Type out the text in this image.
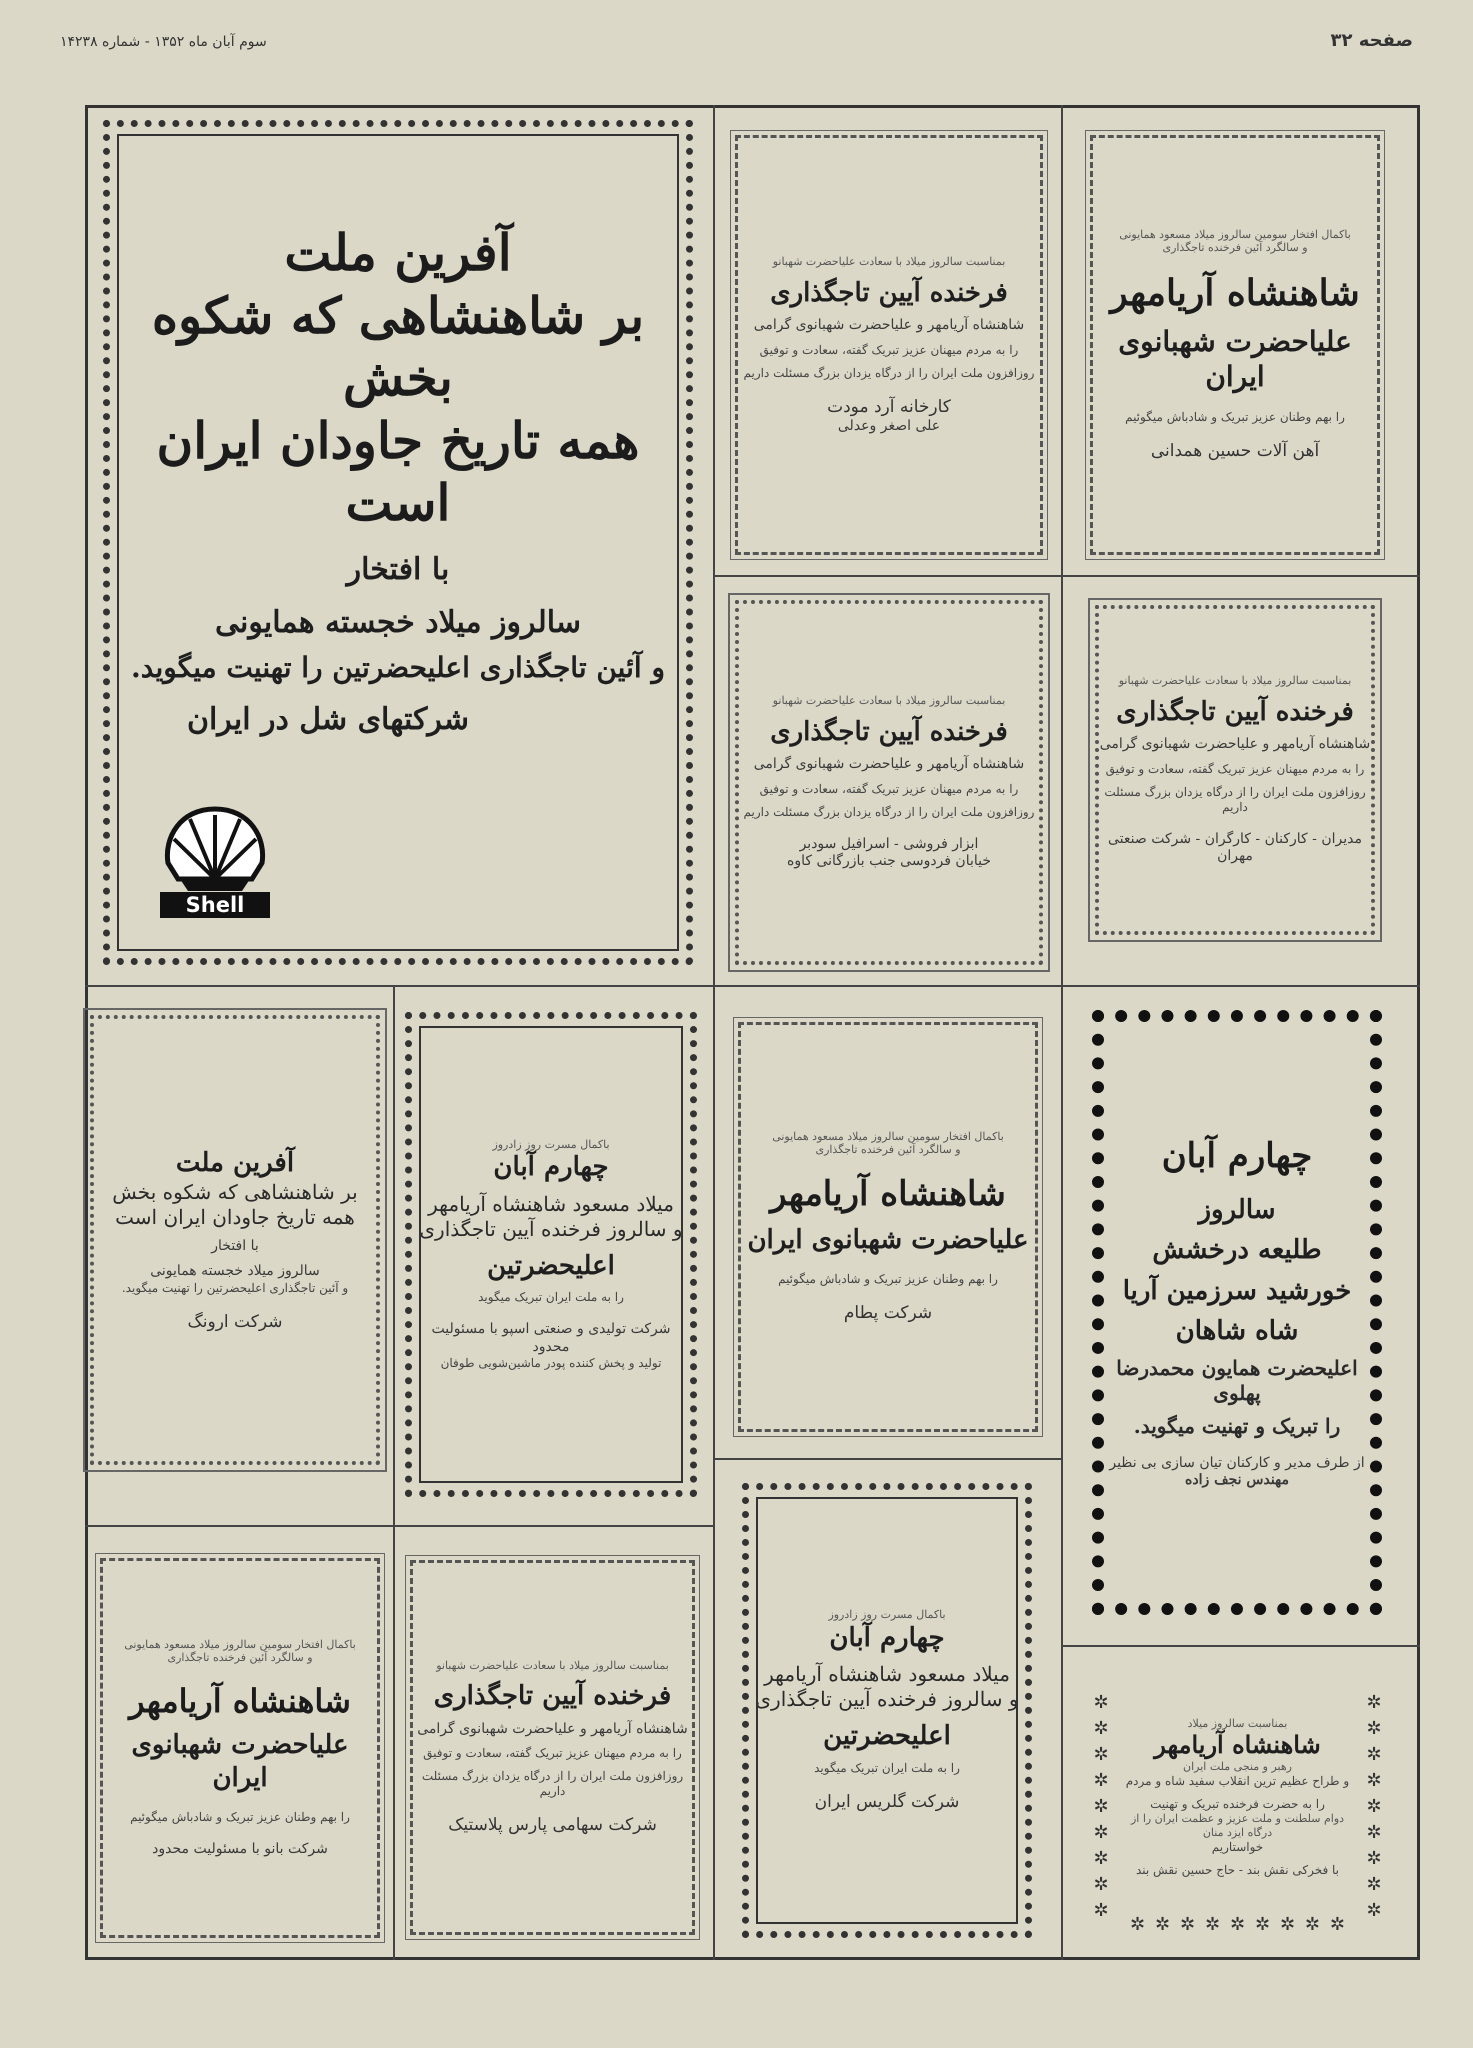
سوم آبان ماه ۱۳۵۲ - شماره ۱۴۲۳۸	صفحه ۳۲
آفرین ملت
بر شاهنشاهی که شکوه بخش
همه تاریخ جاودان ایران است
با افتخار
سالروز میلاد خجسته همایونی
و آئین تاجگذاری اعلیحضرتین را تهنیت میگوید.
شرکتهای شل در ایران
Shell
بمناسبت سالروز میلاد با سعادت علیاحضرت شهبانو
فرخنده آیین تاجگذاری
شاهنشاه آریامهر و علیاحضرت شهبانوی گرامی
را به مردم میهنان عزیز تبریک گفته، سعادت و توفیق
روزافزون ملت ایران را از درگاه یزدان بزرگ مسئلت داریم
کارخانه آرد مودت
علی اصغر وعدلی
باکمال افتخار سومین سالروز میلاد مسعود همایونی
و سالگرد آئین فرخنده تاجگذاری
شاهنشاه آریامهر
علیاحضرت شهبانوی ایران
را بهم وطنان عزیز تبریک و شادباش میگوئیم
آهن آلات حسین همدانی
بمناسبت سالروز میلاد با سعادت علیاحضرت شهبانو
فرخنده آیین تاجگذاری
شاهنشاه آریامهر و علیاحضرت شهبانوی گرامی
را به مردم میهنان عزیز تبریک گفته، سعادت و توفیق
روزافزون ملت ایران را از درگاه یزدان بزرگ مسئلت داریم
ابزار فروشی - اسرافیل سودبر
خیابان فردوسی جنب بازرگانی کاوه
بمناسبت سالروز میلاد با سعادت علیاحضرت شهبانو
فرخنده آیین تاجگذاری
شاهنشاه آریامهر و علیاحضرت شهبانوی گرامی
را به مردم میهنان عزیز تبریک گفته، سعادت و توفیق
روزافزون ملت ایران را از درگاه یزدان بزرگ مسئلت داریم
مدیران - کارکنان - کارگران - شرکت صنعتی مهران
آفرین ملت
بر شاهنشاهی که شکوه بخش
همه تاریخ جاودان ایران است
با افتخار
سالروز میلاد خجسته همایونی
و آئین تاجگذاری اعلیحضرتین را تهنیت میگوید.
شرکت ارونگ
باکمال مسرت روز زادروز
چهارم آبان
میلاد مسعود شاهنشاه آریامهر
و سالروز فرخنده آیین تاجگذاری
اعلیحضرتین
را به ملت ایران تبریک میگوید
شرکت تولیدی و صنعتی اسپو با مسئولیت محدود
تولید و پخش کننده پودر ماشین‌شویی طوفان
باکمال افتخار سومین سالروز میلاد مسعود همایونی
و سالگرد آئین فرخنده تاجگذاری
شاهنشاه آریامهر
علیاحضرت شهبانوی ایران
را بهم وطنان عزیز تبریک و شادباش میگوئیم
شرکت پطام
چهارم آبان
سالروز
طلیعه درخشش
خورشید سرزمین آریا
شاه شاهان
اعلیحضرت همایون محمدرضا پهلوی
را تبریک و تهنیت میگوید.
از طرف مدیر و کارکنان تیان سازی بی نظیر
مهندس نجف زاده
باکمال افتخار سومین سالروز میلاد مسعود همایونی
و سالگرد آئین فرخنده تاجگذاری
شاهنشاه آریامهر
علیاحضرت شهبانوی ایران
را بهم وطنان عزیز تبریک و شادباش میگوئیم
شرکت بانو با مسئولیت محدود
بمناسبت سالروز میلاد با سعادت علیاحضرت شهبانو
فرخنده آیین تاجگذاری
شاهنشاه آریامهر و علیاحضرت شهبانوی گرامی
را به مردم میهنان عزیز تبریک گفته، سعادت و توفیق
روزافزون ملت ایران را از درگاه یزدان بزرگ مسئلت داریم
شرکت سهامی پارس پلاستیک
باکمال مسرت روز زادروز
چهارم آبان
میلاد مسعود شاهنشاه آریامهر
و سالروز فرخنده آیین تاجگذاری
اعلیحضرتین
را به ملت ایران تبریک میگوید
شرکت گلریس ایران
✲
✲
✲
✲
✲
✲
✲
✲
✲
✲
✲
✲
✲
✲
✲
✲
✲
✲
✲
✲
✲
✲
✲
✲
✲
✲
✲
بمناسبت سالروز میلاد
شاهنشاه آریامهر
رهبر و منجی ملت ایران
و طراح عظیم ترین انقلاب سفید شاه و مردم
را به حضرت فرخنده تبریک و تهنیت
دوام سلطنت و ملت عزیز و عظمت ایران را از درگاه ایزد منان
خواستاریم
با فخرکی نقش بند - حاج حسین نقش بند
